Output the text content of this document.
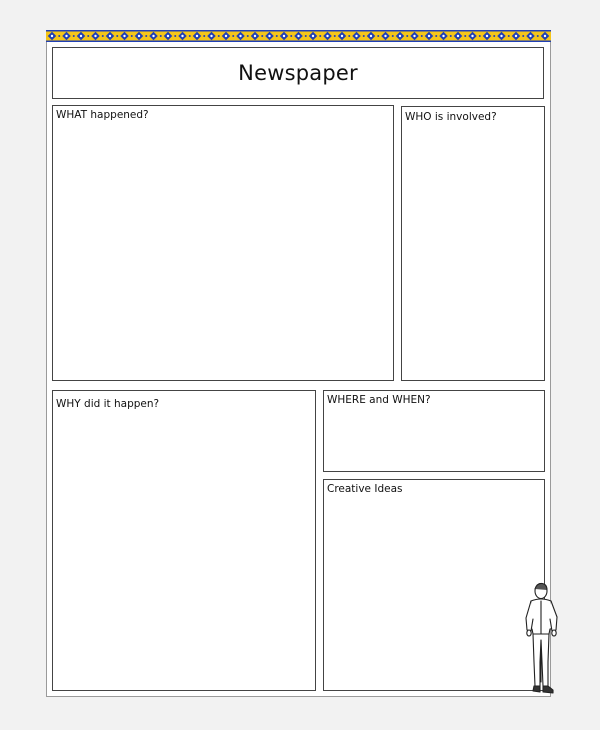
Newspaper
WHAT happened?	WHO is involved?
WHY did it happen?	WHERE and WHEN?
Creative Ideas
